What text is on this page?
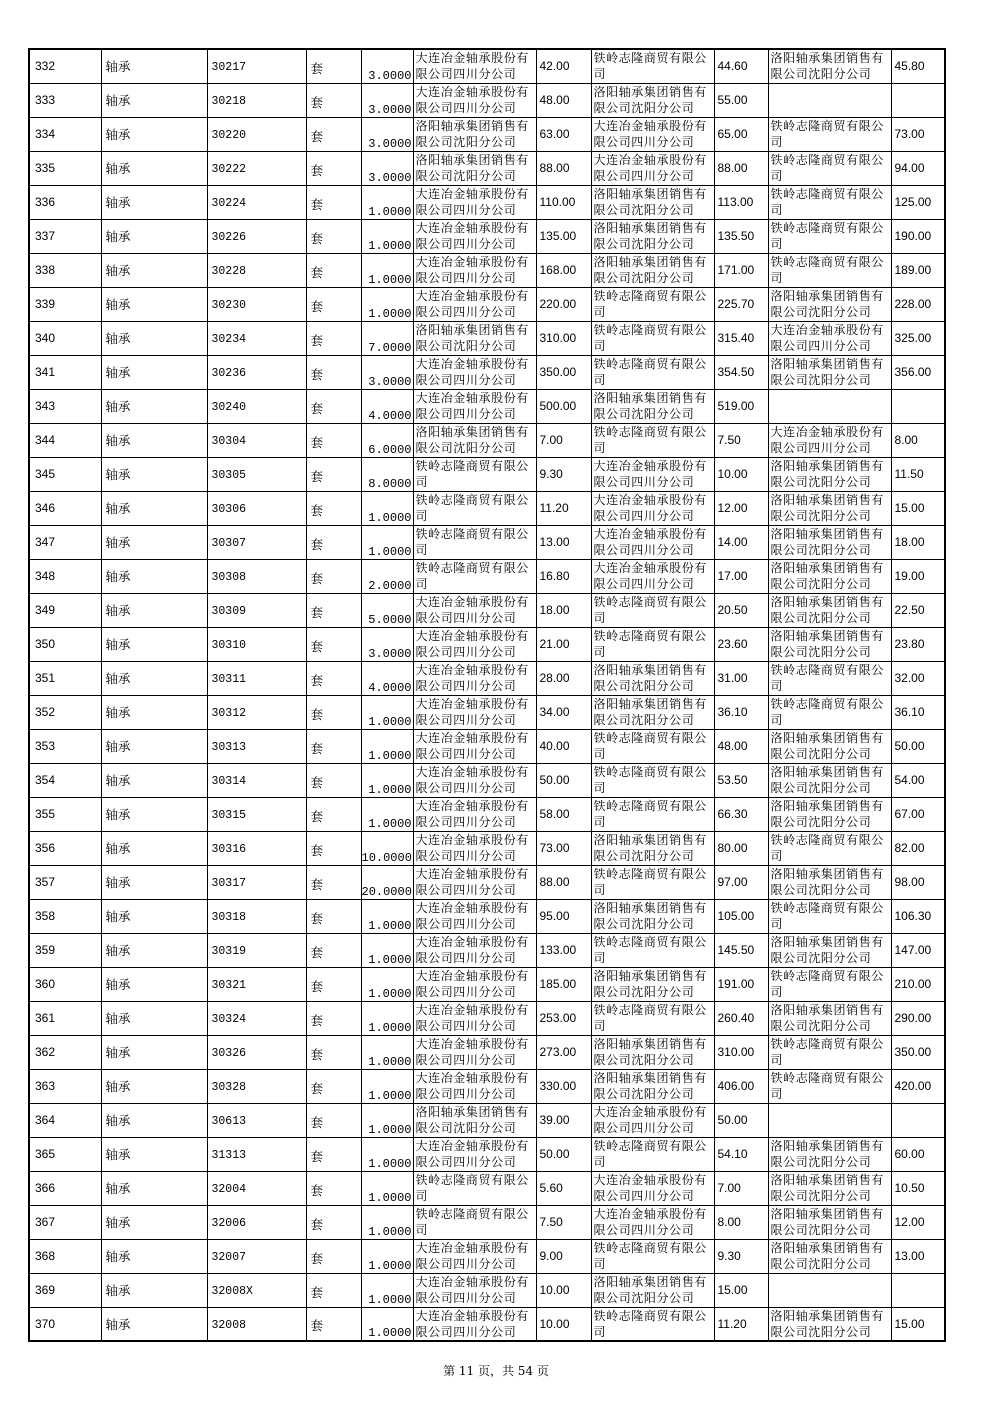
332	轴承	30217	套	3.0000	大连冶金轴承股份有限公司四川分公司	42.00	铁岭志隆商贸有限公司	44.60	洛阳轴承集团销售有限公司沈阳分公司	45.80
333	轴承	30218	套	3.0000	大连冶金轴承股份有限公司四川分公司	48.00	洛阳轴承集团销售有限公司沈阳分公司	55.00	

334	轴承	30220	套	3.0000	洛阳轴承集团销售有限公司沈阳分公司	63.00	大连冶金轴承股份有限公司四川分公司	65.00	铁岭志隆商贸有限公司	73.00
335	轴承	30222	套	3.0000	洛阳轴承集团销售有限公司沈阳分公司	88.00	大连冶金轴承股份有限公司四川分公司	88.00	铁岭志隆商贸有限公司	94.00
336	轴承	30224	套	1.0000	大连冶金轴承股份有限公司四川分公司	110.00	洛阳轴承集团销售有限公司沈阳分公司	113.00	铁岭志隆商贸有限公司	125.00
337	轴承	30226	套	1.0000	大连冶金轴承股份有限公司四川分公司	135.00	洛阳轴承集团销售有限公司沈阳分公司	135.50	铁岭志隆商贸有限公司	190.00
338	轴承	30228	套	1.0000	大连冶金轴承股份有限公司四川分公司	168.00	洛阳轴承集团销售有限公司沈阳分公司	171.00	铁岭志隆商贸有限公司	189.00
339	轴承	30230	套	1.0000	大连冶金轴承股份有限公司四川分公司	220.00	铁岭志隆商贸有限公司	225.70	洛阳轴承集团销售有限公司沈阳分公司	228.00
340	轴承	30234	套	7.0000	洛阳轴承集团销售有限公司沈阳分公司	310.00	铁岭志隆商贸有限公司	315.40	大连冶金轴承股份有限公司四川分公司	325.00
341	轴承	30236	套	3.0000	大连冶金轴承股份有限公司四川分公司	350.00	铁岭志隆商贸有限公司	354.50	洛阳轴承集团销售有限公司沈阳分公司	356.00
343	轴承	30240	套	4.0000	大连冶金轴承股份有限公司四川分公司	500.00	洛阳轴承集团销售有限公司沈阳分公司	519.00	

344	轴承	30304	套	6.0000	洛阳轴承集团销售有限公司沈阳分公司	7.00	铁岭志隆商贸有限公司	7.50	大连冶金轴承股份有限公司四川分公司	8.00
345	轴承	30305	套	8.0000	铁岭志隆商贸有限公司	9.30	大连冶金轴承股份有限公司四川分公司	10.00	洛阳轴承集团销售有限公司沈阳分公司	11.50
346	轴承	30306	套	1.0000	铁岭志隆商贸有限公司	11.20	大连冶金轴承股份有限公司四川分公司	12.00	洛阳轴承集团销售有限公司沈阳分公司	15.00
347	轴承	30307	套	1.0000	铁岭志隆商贸有限公司	13.00	大连冶金轴承股份有限公司四川分公司	14.00	洛阳轴承集团销售有限公司沈阳分公司	18.00
348	轴承	30308	套	2.0000	铁岭志隆商贸有限公司	16.80	大连冶金轴承股份有限公司四川分公司	17.00	洛阳轴承集团销售有限公司沈阳分公司	19.00
349	轴承	30309	套	5.0000	大连冶金轴承股份有限公司四川分公司	18.00	铁岭志隆商贸有限公司	20.50	洛阳轴承集团销售有限公司沈阳分公司	22.50
350	轴承	30310	套	3.0000	大连冶金轴承股份有限公司四川分公司	21.00	铁岭志隆商贸有限公司	23.60	洛阳轴承集团销售有限公司沈阳分公司	23.80
351	轴承	30311	套	4.0000	大连冶金轴承股份有限公司四川分公司	28.00	洛阳轴承集团销售有限公司沈阳分公司	31.00	铁岭志隆商贸有限公司	32.00
352	轴承	30312	套	1.0000	大连冶金轴承股份有限公司四川分公司	34.00	洛阳轴承集团销售有限公司沈阳分公司	36.10	铁岭志隆商贸有限公司	36.10
353	轴承	30313	套	1.0000	大连冶金轴承股份有限公司四川分公司	40.00	铁岭志隆商贸有限公司	48.00	洛阳轴承集团销售有限公司沈阳分公司	50.00
354	轴承	30314	套	1.0000	大连冶金轴承股份有限公司四川分公司	50.00	铁岭志隆商贸有限公司	53.50	洛阳轴承集团销售有限公司沈阳分公司	54.00
355	轴承	30315	套	1.0000	大连冶金轴承股份有限公司四川分公司	58.00	铁岭志隆商贸有限公司	66.30	洛阳轴承集团销售有限公司沈阳分公司	67.00
356	轴承	30316	套	10.0000	大连冶金轴承股份有限公司四川分公司	73.00	洛阳轴承集团销售有限公司沈阳分公司	80.00	铁岭志隆商贸有限公司	82.00
357	轴承	30317	套	20.0000	大连冶金轴承股份有限公司四川分公司	88.00	铁岭志隆商贸有限公司	97.00	洛阳轴承集团销售有限公司沈阳分公司	98.00
358	轴承	30318	套	1.0000	大连冶金轴承股份有限公司四川分公司	95.00	洛阳轴承集团销售有限公司沈阳分公司	105.00	铁岭志隆商贸有限公司	106.30
359	轴承	30319	套	1.0000	大连冶金轴承股份有限公司四川分公司	133.00	铁岭志隆商贸有限公司	145.50	洛阳轴承集团销售有限公司沈阳分公司	147.00
360	轴承	30321	套	1.0000	大连冶金轴承股份有限公司四川分公司	185.00	洛阳轴承集团销售有限公司沈阳分公司	191.00	铁岭志隆商贸有限公司	210.00
361	轴承	30324	套	1.0000	大连冶金轴承股份有限公司四川分公司	253.00	铁岭志隆商贸有限公司	260.40	洛阳轴承集团销售有限公司沈阳分公司	290.00
362	轴承	30326	套	1.0000	大连冶金轴承股份有限公司四川分公司	273.00	洛阳轴承集团销售有限公司沈阳分公司	310.00	铁岭志隆商贸有限公司	350.00
363	轴承	30328	套	1.0000	大连冶金轴承股份有限公司四川分公司	330.00	洛阳轴承集团销售有限公司沈阳分公司	406.00	铁岭志隆商贸有限公司	420.00
364	轴承	30613	套	1.0000	洛阳轴承集团销售有限公司沈阳分公司	39.00	大连冶金轴承股份有限公司四川分公司	50.00	

365	轴承	31313	套	1.0000	大连冶金轴承股份有限公司四川分公司	50.00	铁岭志隆商贸有限公司	54.10	洛阳轴承集团销售有限公司沈阳分公司	60.00
366	轴承	32004	套	1.0000	铁岭志隆商贸有限公司	5.60	大连冶金轴承股份有限公司四川分公司	7.00	洛阳轴承集团销售有限公司沈阳分公司	10.50
367	轴承	32006	套	1.0000	铁岭志隆商贸有限公司	7.50	大连冶金轴承股份有限公司四川分公司	8.00	洛阳轴承集团销售有限公司沈阳分公司	12.00
368	轴承	32007	套	1.0000	大连冶金轴承股份有限公司四川分公司	9.00	铁岭志隆商贸有限公司	9.30	洛阳轴承集团销售有限公司沈阳分公司	13.00
369	轴承	32008X	套	1.0000	大连冶金轴承股份有限公司四川分公司	10.00	洛阳轴承集团销售有限公司沈阳分公司	15.00	

370	轴承	32008	套	1.0000	大连冶金轴承股份有限公司四川分公司	10.00	铁岭志隆商贸有限公司	11.20	洛阳轴承集团销售有限公司沈阳分公司	15.00
第 11 页，共 54 页
